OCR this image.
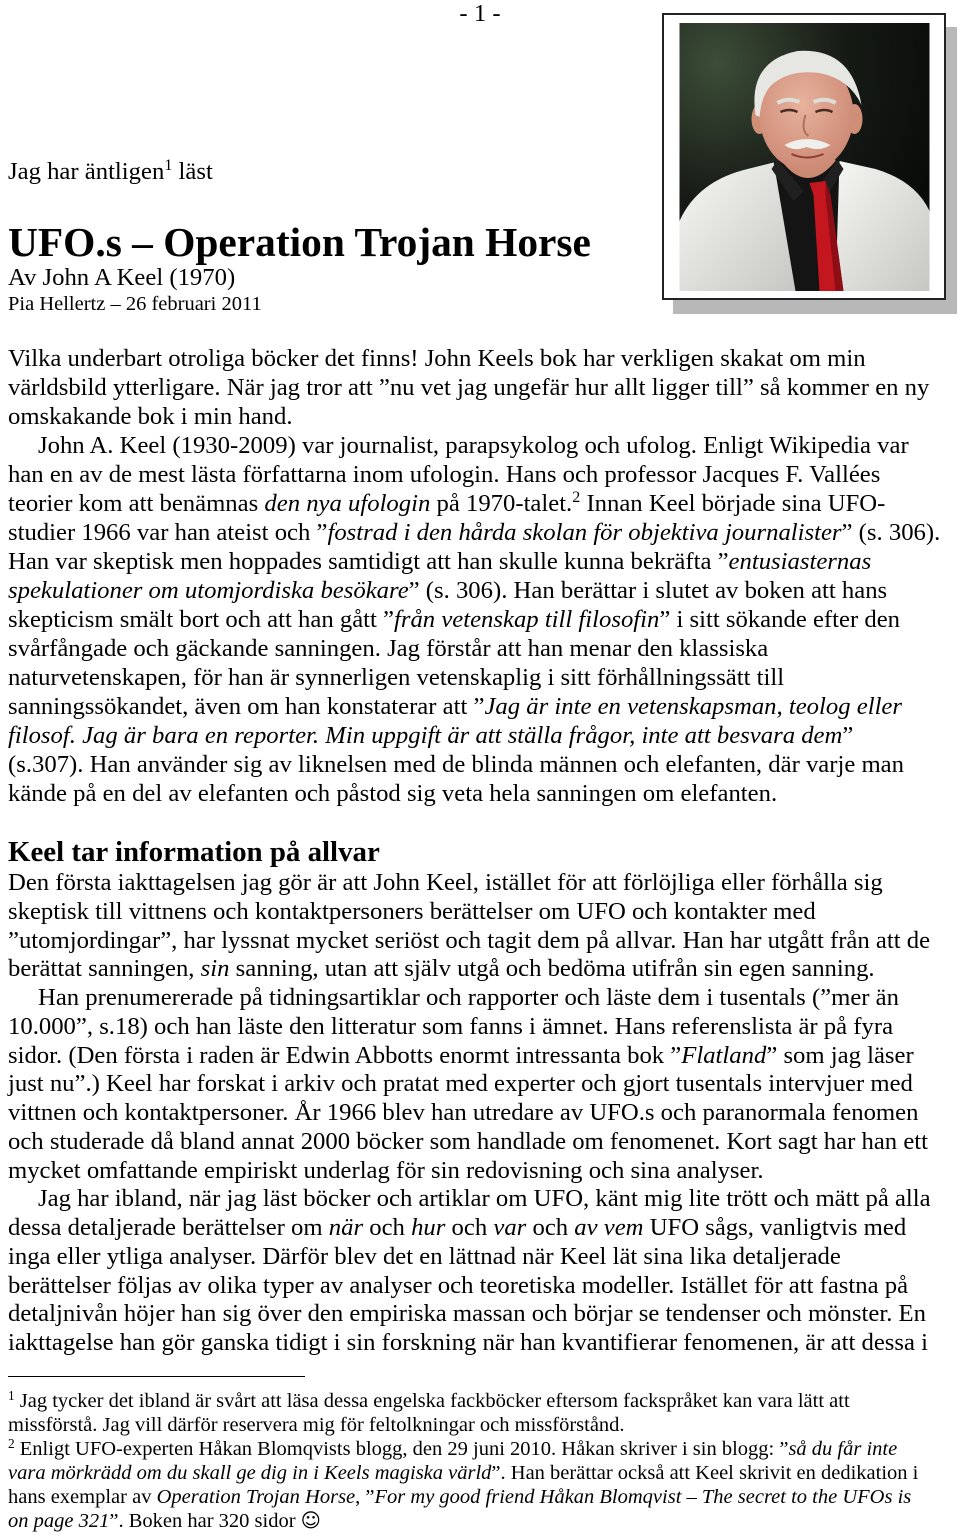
- 1 -
Jag har äntligen$^1$ läst
UFO.s – Operation Trojan Horse
Av John A Keel (1970)
Pia Hellertz – 26 februari 2011
Vilka underbart otroliga böcker det finns! John Keels bok har verkligen skakat om min
världsbild ytterligare. När jag tror att ”nu vet jag ungefär hur allt ligger till” så kommer en ny
omskakande bok i min hand.
John A. Keel (1930-2009) var journalist, parapsykolog och ufolog. Enligt Wikipedia var
han en av de mest lästa författarna inom ufologin. Hans och professor Jacques F. Vallées
teorier kom att benämnas den nya ufologin på 1970-talet.$^2$ Innan Keel började sina UFO-
studier 1966 var han ateist och ”fostrad i den hårda skolan för objektiva journalister” (s. 306).
Han var skeptisk men hoppades samtidigt att han skulle kunna bekräfta ”entusiasternas
spekulationer om utomjordiska besökare” (s. 306). Han berättar i slutet av boken att hans
skepticism smält bort och att han gått ”från vetenskap till filosofin” i sitt sökande efter den
svårfångade och gäckande sanningen. Jag förstår att han menar den klassiska
naturvetenskapen, för han är synnerligen vetenskaplig i sitt förhållningssätt till
sanningssökandet, även om han konstaterar att ”Jag är inte en vetenskapsman, teolog eller
filosof. Jag är bara en reporter. Min uppgift är att ställa frågor, inte att besvara dem”
(s.307). Han använder sig av liknelsen med de blinda männen och elefanten, där varje man
kände på en del av elefanten och påstod sig veta hela sanningen om elefanten.
Keel tar information på allvar
Den första iakttagelsen jag gör är att John Keel, istället för att förlöjliga eller förhålla sig
skeptisk till vittnens och kontaktpersoners berättelser om UFO och kontakter med
”utomjordingar”, har lyssnat mycket seriöst och tagit dem på allvar. Han har utgått från att de
berättat sanningen, sin sanning, utan att själv utgå och bedöma utifrån sin egen sanning.
Han prenumererade på tidningsartiklar och rapporter och läste dem i tusentals (”mer än
10.000”, s.18) och han läste den litteratur som fanns i ämnet. Hans referenslista är på fyra
sidor. (Den första i raden är Edwin Abbotts enormt intressanta bok ”Flatland” som jag läser
just nu”.) Keel har forskat i arkiv och pratat med experter och gjort tusentals intervjuer med
vittnen och kontaktpersoner. År 1966 blev han utredare av UFO.s och paranormala fenomen
och studerade då bland annat 2000 böcker som handlade om fenomenet. Kort sagt har han ett
mycket omfattande empiriskt underlag för sin redovisning och sina analyser.
Jag har ibland, när jag läst böcker och artiklar om UFO, känt mig lite trött och mätt på alla
dessa detaljerade berättelser om när och hur och var och av vem UFO sågs, vanligtvis med
inga eller ytliga analyser. Därför blev det en lättnad när Keel lät sina lika detaljerade
berättelser följas av olika typer av analyser och teoretiska modeller. Istället för att fastna på
detaljnivån höjer han sig över den empiriska massan och börjar se tendenser och mönster. En
iakttagelse han gör ganska tidigt i sin forskning när han kvantifierar fenomenen, är att dessa i
$^1$ Jag tycker det ibland är svårt att läsa dessa engelska fackböcker eftersom fackspråket kan vara lätt att
missförstå. Jag vill därför reservera mig för feltolkningar och missförstånd.
$^2$ Enligt UFO-experten Håkan Blomqvists blogg, den 29 juni 2010. Håkan skriver i sin blogg: ”så du får inte
vara mörkrädd om du skall ge dig in i Keels magiska värld”. Han berättar också att Keel skrivit en dedikation i
hans exemplar av Operation Trojan Horse, ”For my good friend Håkan Blomqvist – The secret to the UFOs is
on page 321”. Boken har 320 sidor ☺
